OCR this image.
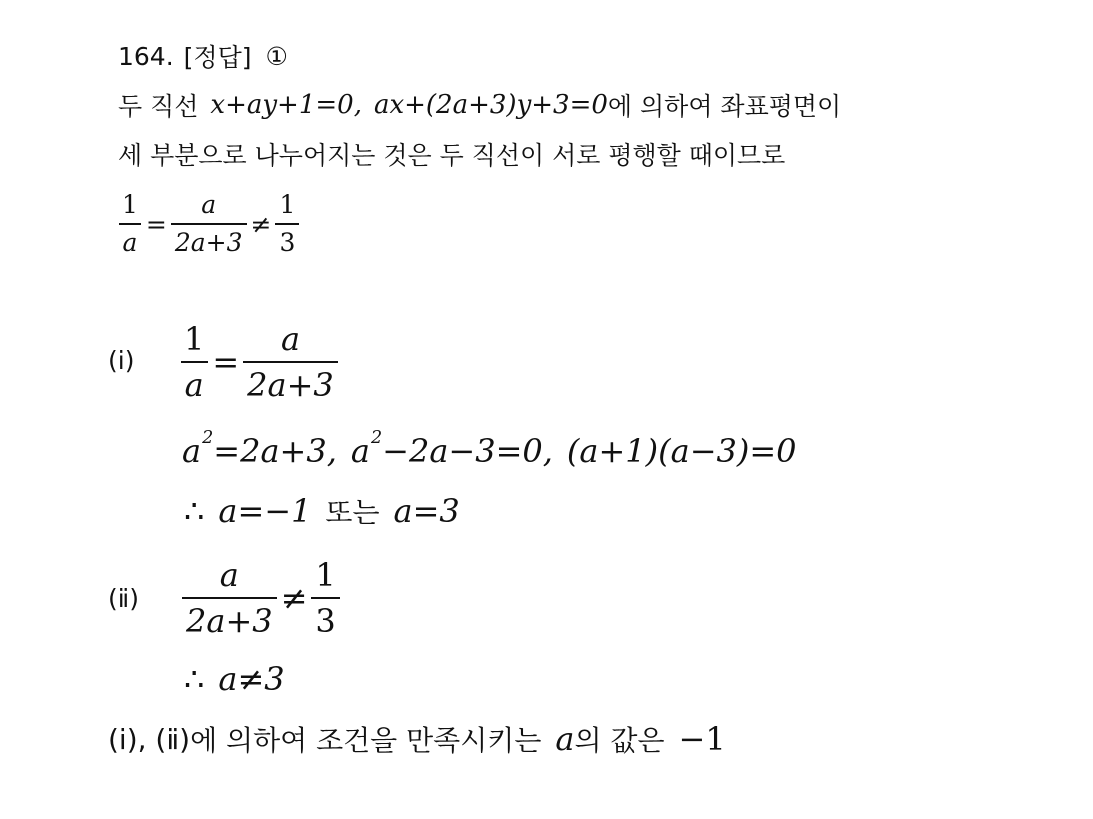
164. [정답] ①
두 직선 x+ay+1=0, ax+(2a+3)y+3=0 에 의하여 좌표평면이
세 부분으로 나누어지는 것은 두 직선이 서로 평행할 때이므로
$\frac{1}{a} = \frac{a}{2a+3} \ne \frac{1}{3}$
(ⅰ) $\frac{1}{a} = \frac{a}{2a+3}$
a 2 =2a+3, a 2 −2a−3=0, (a+1)(a−3)=0
∴ a=−1 또는 a=3
(ⅱ) $\frac{a}{2a+3} \ne \frac{1}{3}$
∴ a≠3
(ⅰ), (ⅱ) 에 의하여 조건을 만족시키는 a 의 값은 −1
